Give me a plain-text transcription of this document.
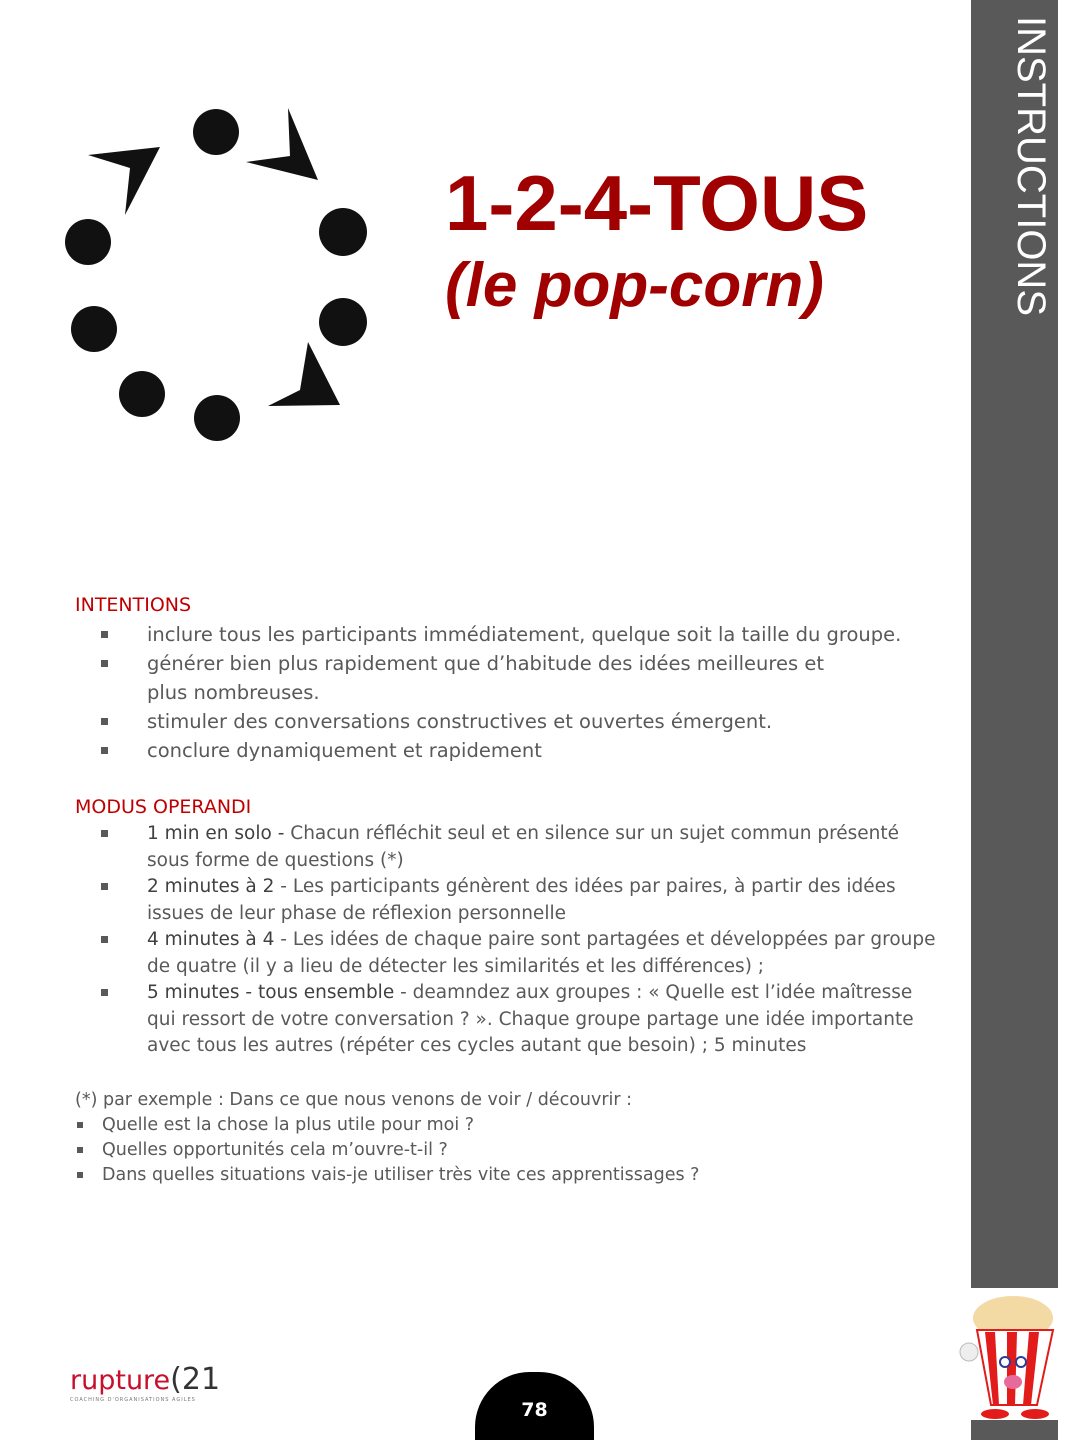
INSTRUCTIONS
1-2-4-TOUS
(le pop-corn)
INTENTIONS
inclure tous les participants immédiatement, quelque soit la taille du groupe.
générer bien plus rapidement que d’habitude des idées meilleures et plus nombreuses.
stimuler des conversations constructives et ouvertes émergent.
conclure dynamiquement et rapidement
MODUS OPERANDI
1 min en solo - Chacun réfléchit seul et en silence sur un sujet commun présenté sous forme de questions (*)
2 minutes à 2 - Les participants génèrent des idées par paires, à partir des idées issues de leur phase de réflexion personnelle
4 minutes à 4 - Les idées de chaque paire sont partagées et développées par groupe de quatre (il y a lieu de détecter les similarités et les différences) ;
5 minutes - tous ensemble - deamndez aux groupes : « Quelle est l’idée maîtresse qui ressort de votre conversation ? ». Chaque groupe partage une idée importante avec tous les autres (répéter ces cycles autant que besoin) ; 5 minutes
(*) par exemple : Dans ce que nous venons de voir / découvrir :
Quelle est la chose la plus utile pour moi ?
Quelles opportunités cela m’ouvre-t-il ?
Dans quelles situations vais-je utiliser très vite ces apprentissages ?
rupture(21
COACHING D'ORGANISATIONS AGILES	78
